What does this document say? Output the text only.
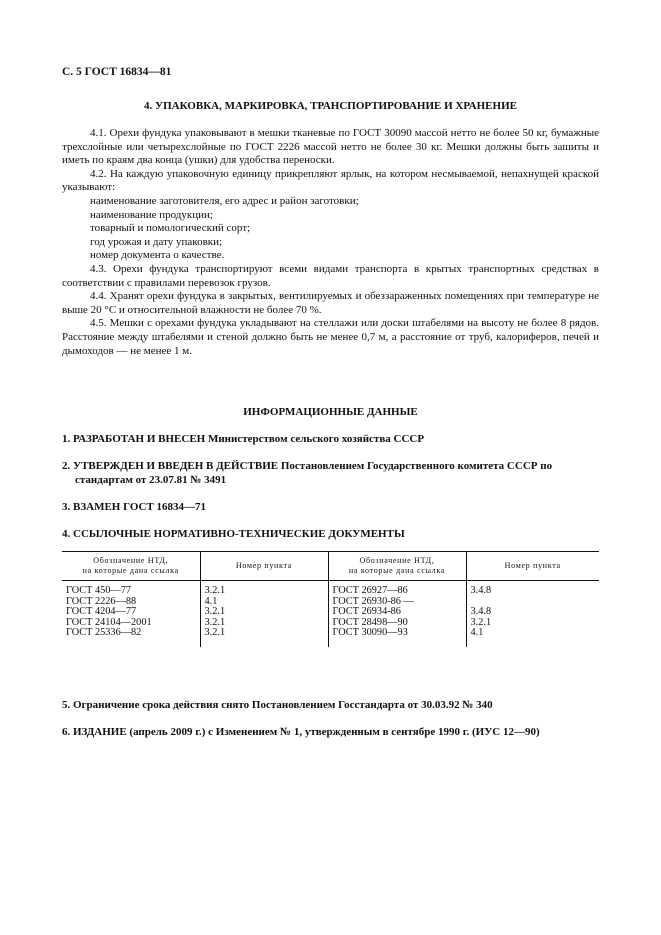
С. 5 ГОСТ 16834—81
4. УПАКОВКА, МАРКИРОВКА, ТРАНСПОРТИРОВАНИЕ И ХРАНЕНИЕ

4.1. Орехи фундука упаковывают в мешки тканевые по ГОСТ 30090 массой нетто не более 50 кг, бумажные трехслойные или четырехслойные по ГОСТ 2226 массой нетто не более 30 кг. Мешки должны быть зашиты и иметь по краям два конца (ушки) для удобства переноски.

4.2. На каждую упаковочную единицу прикрепляют ярлык, на котором несмываемой, непахнущей краской указывают:

наименование заготовителя, его адрес и район заготовки;

наименование продукции;

товарный и помологический сорт;

год урожая и дату упаковки;

номер документа о качестве.

4.3. Орехи фундука транспортируют всеми видами транспорта в крытых транспортных средствах в соответствии с правилами перевозок грузов.

4.4. Хранят орехи фундука в закрытых, вентилируемых и обеззараженных помещениях при температуре не выше 20 °С и относительной влажности не более 70 %.

4.5. Мешки с орехами фундука укладывают на стеллажи или доски штабелями на высоту не более 8 рядов. Расстояние между штабелями и стеной должно быть не менее 0,7 м, а расстояние от труб, калориферов, печей и дымоходов — не менее 1 м.

ИНФОРМАЦИОННЫЕ ДАННЫЕ
1. РАЗРАБОТАН И ВНЕСЕН Министерством сельского хозяйства СССР
2. УТВЕРЖДЕН И ВВЕДЕН В ДЕЙСТВИЕ Постановлением Государственного комитета СССР по
стандартам от 23.07.81 № 3491
3. ВЗАМЕН ГОСТ 16834—71
4. ССЫЛОЧНЫЕ НОРМАТИВНО-ТЕХНИЧЕСКИЕ ДОКУМЕНТЫ
Обозначение НТД,
на которые дана ссылка	Номер пункта	Обозначение НТД,
на которые дана ссылка	Номер пункта

ГОСТ 450—77	3.2.1	ГОСТ 26927—86	3.4.8
ГОСТ 2226—88	4.1	ГОСТ 26930-86 —	
ГОСТ 4204—77	3.2.1	ГОСТ 26934-86	3.4.8
ГОСТ 24104—2001	3.2.1	ГОСТ 28498—90	3.2.1
ГОСТ 25336—82	3.2.1	ГОСТ 30090—93	4.1
5. Ограничение срока действия снято Постановлением Госстандарта от 30.03.92 № 340
6. ИЗДАНИЕ (апрель 2009 г.) с Изменением № 1, утвержденным в сентябре 1990 г. (ИУС 12—90)
